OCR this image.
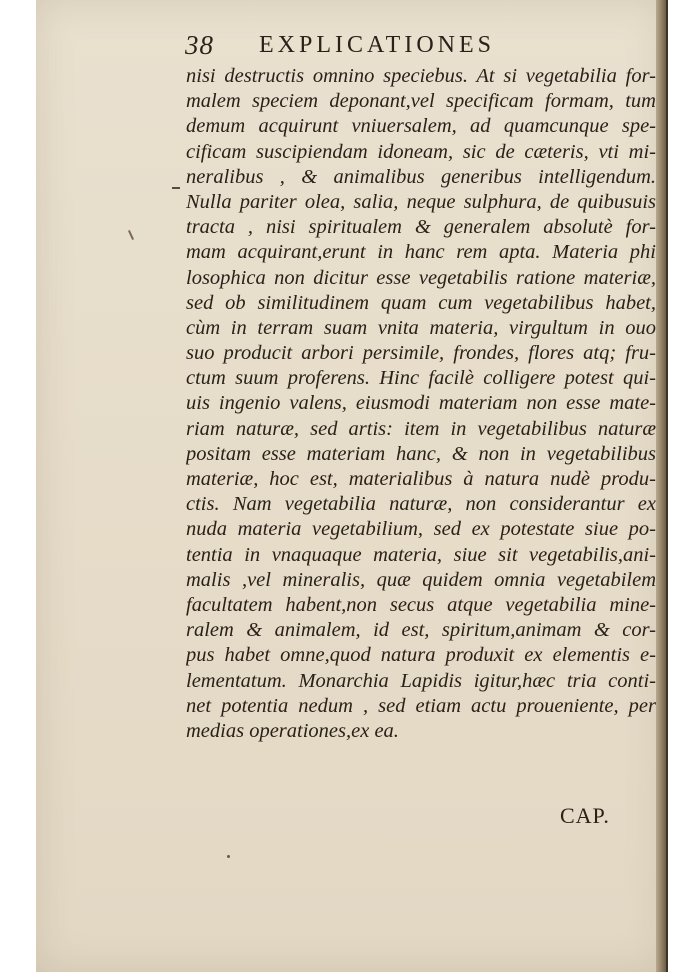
38 EXPLICATIONES
nisi destructis omnino speciebus. At si vegetabilia for-
malem speciem deponant,vel specificam formam, tum
demum acquirunt vniuersalem, ad quamcunque spe-
cificam suscipiendam idoneam, sic de cæteris, vti mi-
neralibus , & animalibus generibus intelligendum.
Nulla pariter olea, salia, neque sulphura, de quibusuis
tracta , nisi spiritualem & generalem absolutè for-
mam acquirant,erunt in hanc rem apta. Materia phi
losophica non dicitur esse vegetabilis ratione materiæ,
sed ob similitudinem quam cum vegetabilibus habet,
cùm in terram suam vnita materia, virgultum in ouo
suo producit arbori persimile, frondes, flores atq; fru-
ctum suum proferens. Hinc facilè colligere potest qui-
uis ingenio valens, eiusmodi materiam non esse mate-
riam naturæ, sed artis: item in vegetabilibus naturæ
positam esse materiam hanc, & non in vegetabilibus
materiæ, hoc est, materialibus à natura nudè produ-
ctis. Nam vegetabilia naturæ, non considerantur ex
nuda materia vegetabilium, sed ex potestate siue po-
tentia in vnaquaque materia, siue sit vegetabilis,ani-
malis ,vel mineralis, quæ quidem omnia vegetabilem
facultatem habent,non secus atque vegetabilia mine-
ralem & animalem, id est, spiritum,animam & cor-
pus habet omne,quod natura produxit ex elementis e-
lementatum. Monarchia Lapidis igitur,hæc tria conti-
net potentia nedum , sed etiam actu proueniente, per
medias operationes,ex ea.
CAP.
